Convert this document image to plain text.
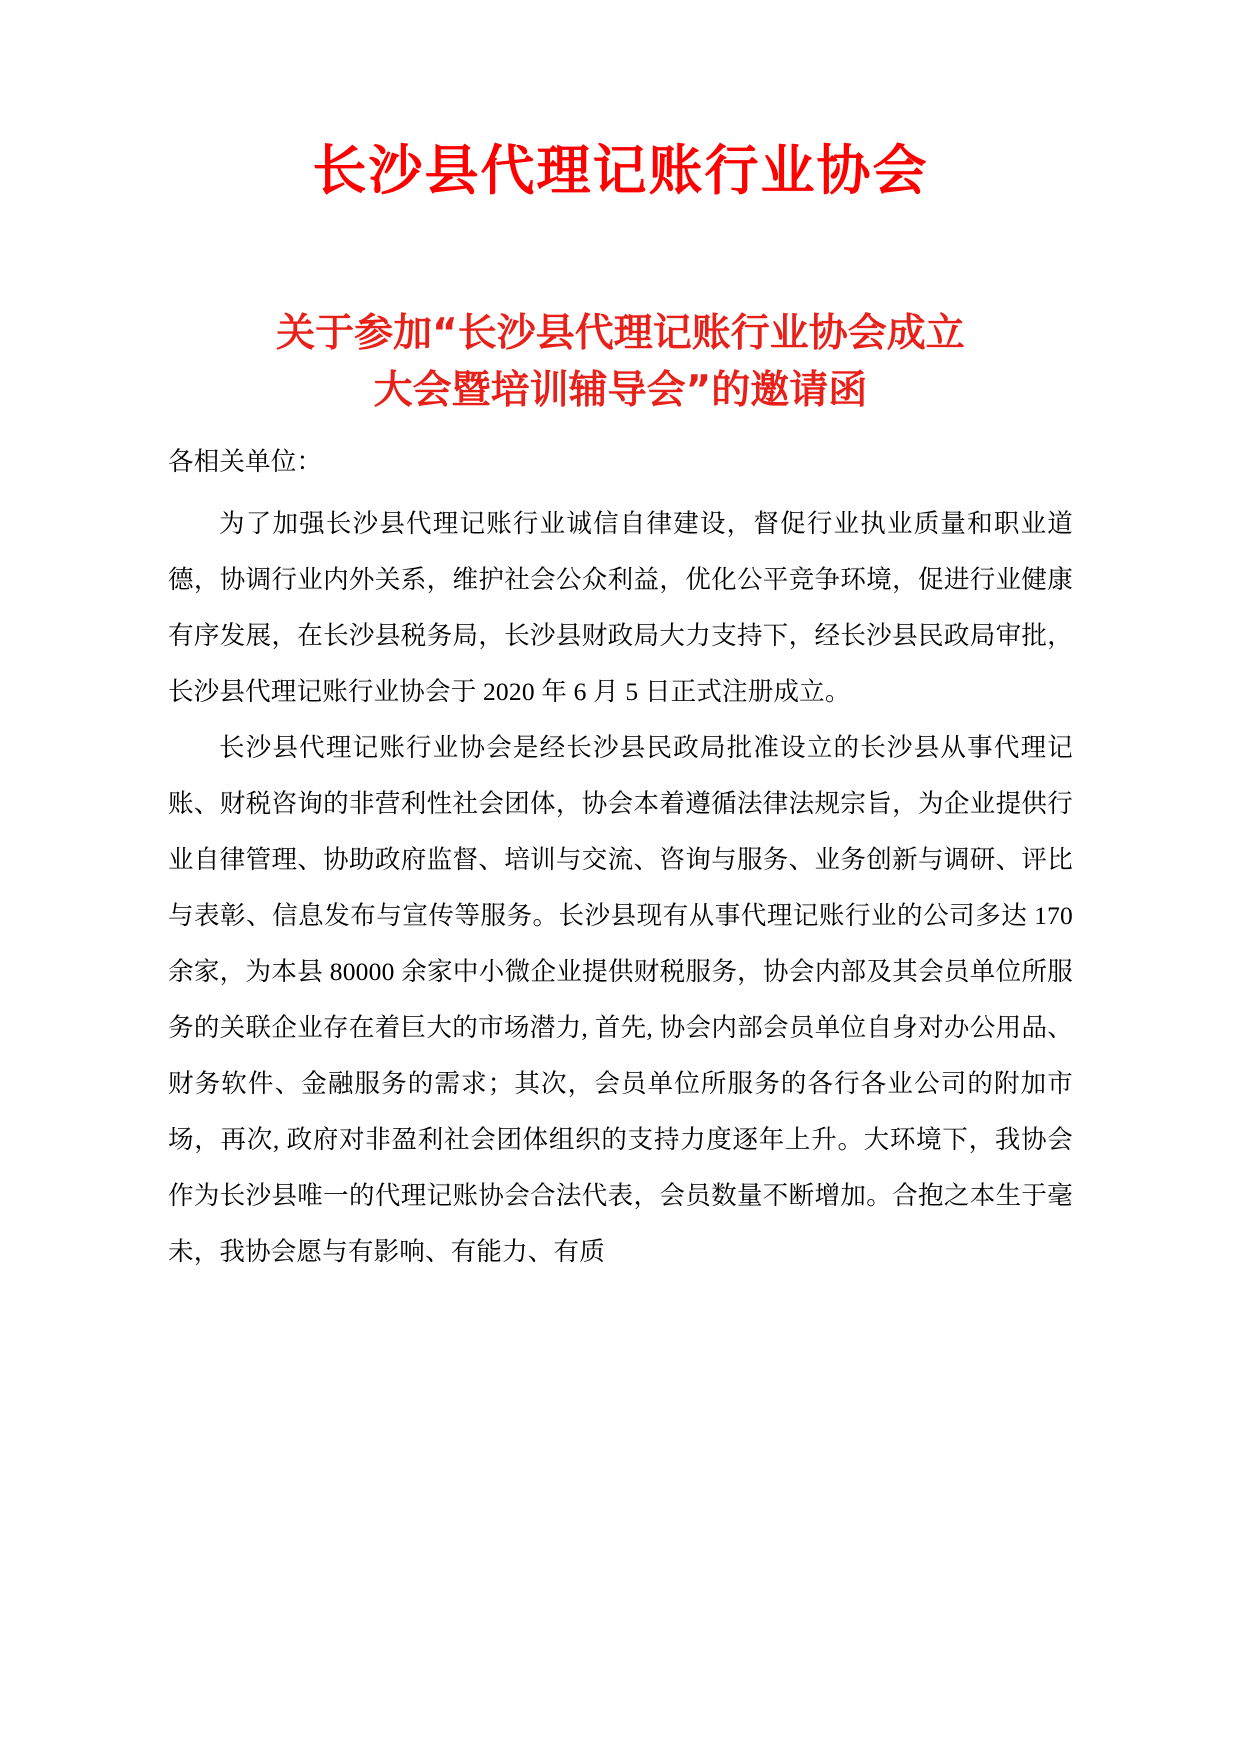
长沙县代理记账行业协会
关于参加“长沙县代理记账行业协会成立
大会暨培训辅导会”的邀请函
各相关单位：

为了加强长沙县代理记账行业诚信自律建设，督促行业执业质量和职业道德，协调行业内外关系，维护社会公众利益，优化公平竞争环境，促进行业健康有序发展，在长沙县税务局，长沙县财政局大力支持下，经长沙县民政局审批，长沙县代理记账行业协会于 2020 年 6 月 5 日正式注册成立。

长沙县代理记账行业协会是经长沙县民政局批准设立的长沙县从事代理记账、财税咨询的非营利性社会团体，协会本着遵循法律法规宗旨，为企业提供行业自律管理、协助政府监督、培训与交流、咨询与服务、业务创新与调研、评比与表彰、信息发布与宣传等服务。长沙县现有从事代理记账行业的公司多达 170 余家，为本县 80000 余家中小微企业提供财税服务，协会内部及其会员单位所服务的关联企业存在着巨大的市场潜力, 首先, 协会内部会员单位自身对办公用品、财务软件、金融服务的需求；其次，会员单位所服务的各行各业公司的附加市场，再次, 政府对非盈利社会团体组织的支持力度逐年上升。大环境下，我协会作为长沙县唯一的代理记账协会合法代表，会员数量不断增加。合抱之本生于毫未，我协会愿与有影响、有能力、有质
